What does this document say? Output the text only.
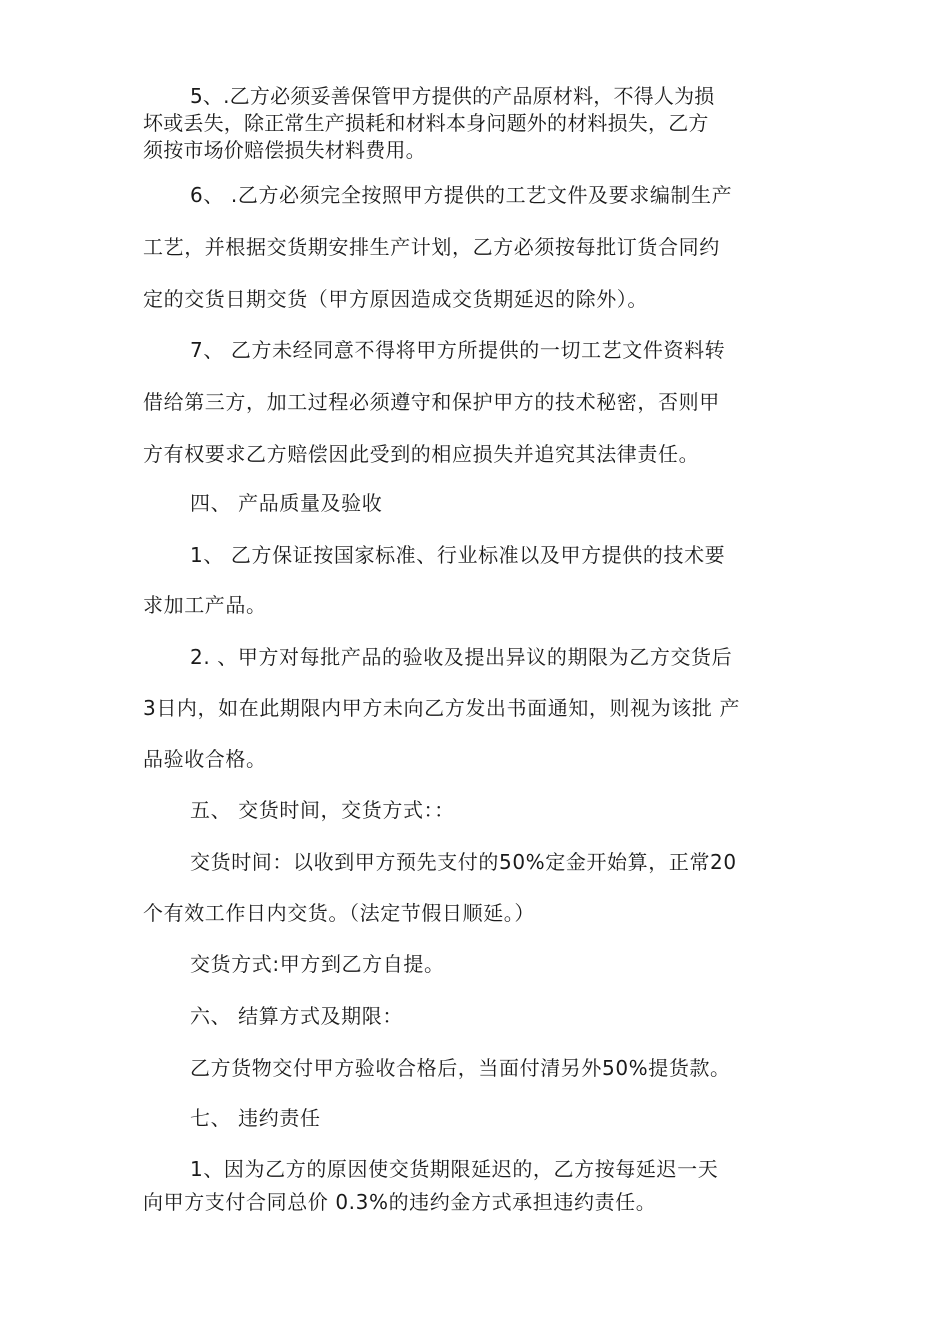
5、.乙方必须妥善保管甲方提供的产品原材料，不得人为损
坏或丢失，除正常生产损耗和材料本身问题外的材料损失，乙方
须按市场价赔偿损失材料费用。
6、 .乙方必须完全按照甲方提供的工艺文件及要求编制生产
工艺，并根据交货期安排生产计划，乙方必须按每批订货合同约
定的交货日期交货（甲方原因造成交货期延迟的除外）。
7、 乙方未经同意不得将甲方所提供的一切工艺文件资料转
借给第三方，加工过程必须遵守和保护甲方的技术秘密，否则甲
方有权要求乙方赔偿因此受到的相应损失并追究其法律责任。
四、 产品质量及验收
1、 乙方保证按国家标准、行业标准以及甲方提供的技术要
求加工产品。
2. 、甲方对每批产品的验收及提出异议的期限为乙方交货后
3日内，如在此期限内甲方未向乙方发出书面通知，则视为该批 产
品验收合格。
五、 交货时间，交货方式：：
交货时间：以收到甲方预先支付的50%定金开始算，正常20
个有效工作日内交货。（法定节假日顺延。）
交货方式:甲方到乙方自提。
六、 结算方式及期限：
乙方货物交付甲方验收合格后，当面付清另外50%提货款。
七、 违约责任
1、因为乙方的原因使交货期限延迟的，乙方按每延迟一天
向甲方支付合同总价 0.3%的违约金方式承担违约责任。
